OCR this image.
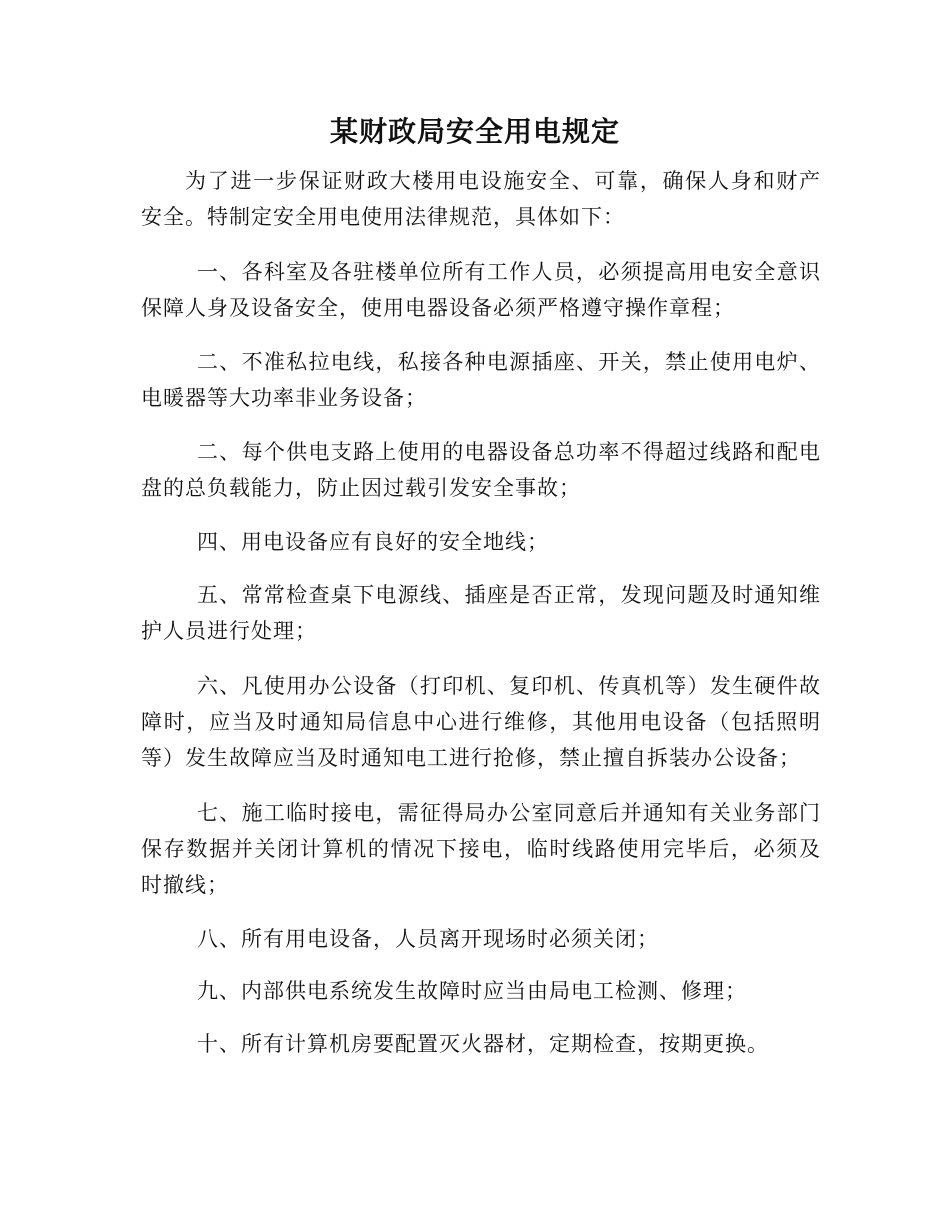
某财政局安全用电规定

为了进一步保证财政大楼用电设施安全、可靠，确保人身和财产安全。特制定安全用电使用法律规范，具体如下：

一、各科室及各驻楼单位所有工作人员，必须提高用电安全意识保障人身及设备安全，使用电器设备必须严格遵守操作章程；

二、不准私拉电线，私接各种电源插座、开关，禁止使用电炉、电暖器等大功率非业务设备；

二、每个供电支路上使用的电器设备总功率不得超过线路和配电盘的总负载能力，防止因过载引发安全事故；

四、用电设备应有良好的安全地线；

五、常常检查桌下电源线、插座是否正常，发现问题及时通知维护人员进行处理；

六、凡使用办公设备（打印机、复印机、传真机等）发生硬件故障时，应当及时通知局信息中心进行维修，其他用电设备（包括照明等）发生故障应当及时通知电工进行抢修，禁止擅自拆装办公设备；

七、施工临时接电，需征得局办公室同意后并通知有关业务部门保存数据并关闭计算机的情况下接电，临时线路使用完毕后，必须及时撤线；

八、所有用电设备，人员离开现场时必须关闭；

九、内部供电系统发生故障时应当由局电工检测、修理；

十、所有计算机房要配置灭火器材，定期检查，按期更换。
